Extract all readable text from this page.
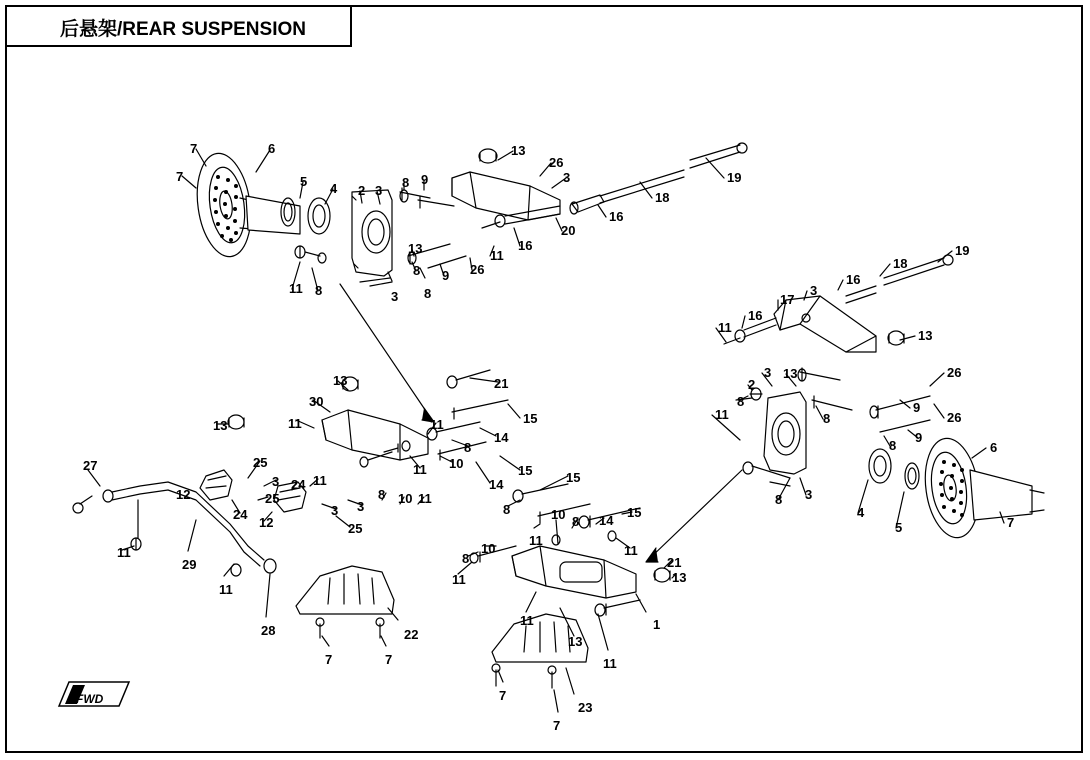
后悬架/REAR SUSPENSION
FWD
7	6
7	5 4 2 3
8 9
13
26
3	19
18
16
20
13	11
16
26
9
8
11 8	3 8
19
18
16
3
17
16
11
13
3 13	26
2
8
8
9
26
11
8
9
6
8 3
4
5	7
13	21
30
11	11	15
13
14
8
25
3 24 11
10
11
14
15	15
27
12	25
3
8 10 11
24
12
3
25
8
11
10 8 14
15
11
29
11
28
8
10	11
21
13
11
11	1
13
11
22
7	7
7
23
7
